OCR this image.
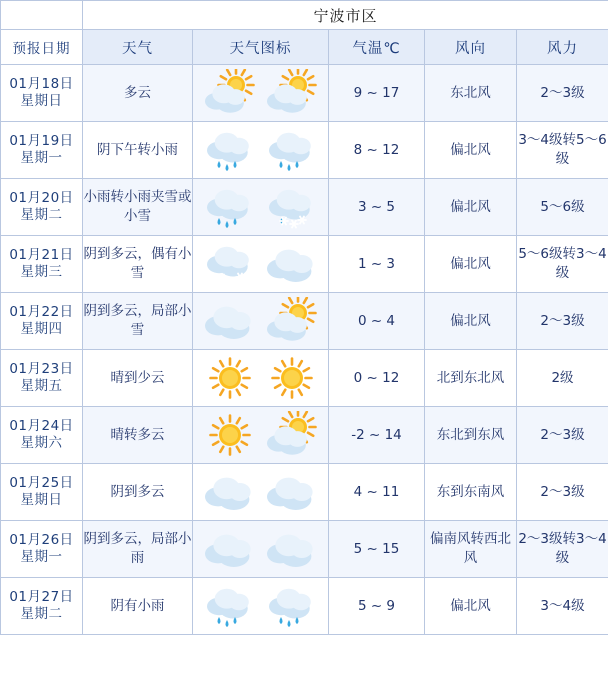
	宁波市区				
预报日期	天气	天气图标	气温℃	风向	风力

01月18日
星期日	多云		9 ~ 17	东北风	2～3级

01月19日
星期一	阴下午转小雨		8 ~ 12	偏北风	3～4级转5～6级

01月20日
星期二	小雨转小雨夹雪或小雪		3 ~ 5	偏北风	5～6级

01月21日
星期三	阴到多云，偶有小雪		1 ~ 3	偏北风	5～6级转3～4级

01月22日
星期四	阴到多云，局部小雪		0 ~ 4	偏北风	2～3级

01月23日
星期五	晴到少云		0 ~ 12	北到东北风	2级

01月24日
星期六	晴转多云		-2 ~ 14	东北到东风	2～3级

01月25日
星期日	阴到多云		4 ~ 11	东到东南风	2～3级

01月26日
星期一	阴到多云，局部小雨		5 ~ 15	偏南风转西北风	2～3级转3～4级

01月27日
星期二	阴有小雨		5 ~ 9	偏北风	3～4级
宁东方论坛
